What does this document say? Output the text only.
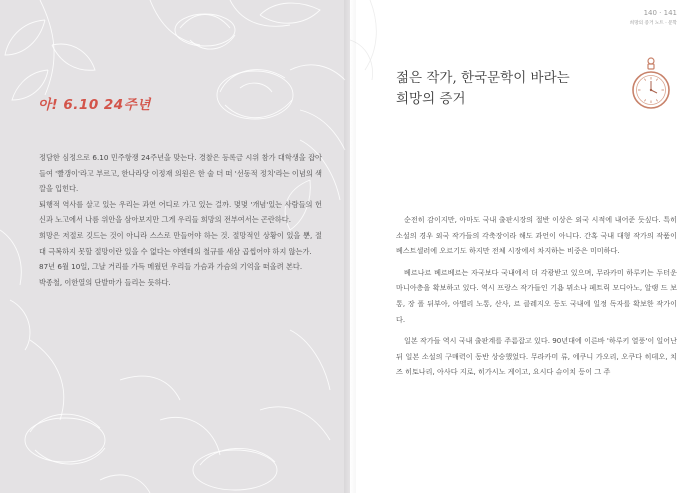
아! 6.10 24주년

정담한 심정으로 6.10 민주항쟁 24주년을 맞는다. 경찰은 등록금 시위 참가 대학생을 잡아들여 '빨갱이'라고 부르고, 한나라당 이정재 의원은 한 술 더 떠 '선동적 정치'라는 이념의 색깔을 입힌다.

퇴행적 역사를 살고 있는 우리는 과연 어디로 가고 있는 걸까. 몇몇 '개념'있는 사람들의 헌신과 노고에서 나름 위안을 삼아보지만 그게 우리들 희망의 전부여서는 곤란하다.

희망은 저절로 깃드는 것이 아니라 스스로 만들어야 하는 것. 절망적인 상황이 있을 뿐, 절대 극복하지 못할 절망이란 있을 수 없다는 야엔테의 철규를 새삼 곱씹어야 하지 않는가.

87년 6월 10일, 그날 거리를 가득 메웠던 우리들 가슴과 가슴의 기억을 떠올려 본다.

박종철, 이한열의 단발마가 들리는 듯하다.

140 · 141
희망의 증거 노트 · 문학
젊은 작가, 한국문학이 바라는
희망의 증거

순전히 감이지만, 아마도 국내 출판시장의 절반 이상은 외국 시적에 내어준 듯싶다. 특히 소설의 경우 외국 작가들의 각축장이라 해도 과언이 아니다. 간혹 국내 대형 작가의 작품이 베스트셀러에 오르기도 하지만 전체 시장에서 차지하는 비중은 미미하다.

베르나르 베르베르는 자국보다 국내에서 더 각광받고 있으며, 무라카미 하루키는 두터운 마니아층을 확보하고 있다. 역시 프랑스 작가들인 기욤 뮈소나 페트릭 모디아노, 알랭 드 보통, 장 폴 뒤부아, 아멜리 노통, 산사, 르 클레지오 등도 국내에 일정 독자를 확보한 작가이다.

일본 작가들 역시 국내 출판계를 주름잡고 있다. 90년대에 이른바 '하루키 열풍'이 일어난 뒤 일본 소설의 구매력이 동반 상승했었다. 무라카미 류, 에쿠니 가오리, 오쿠다 히데오, 치즈 히토나리, 아사다 지로, 히가시노 게이고, 요시다 슈이치 등이 그 주
